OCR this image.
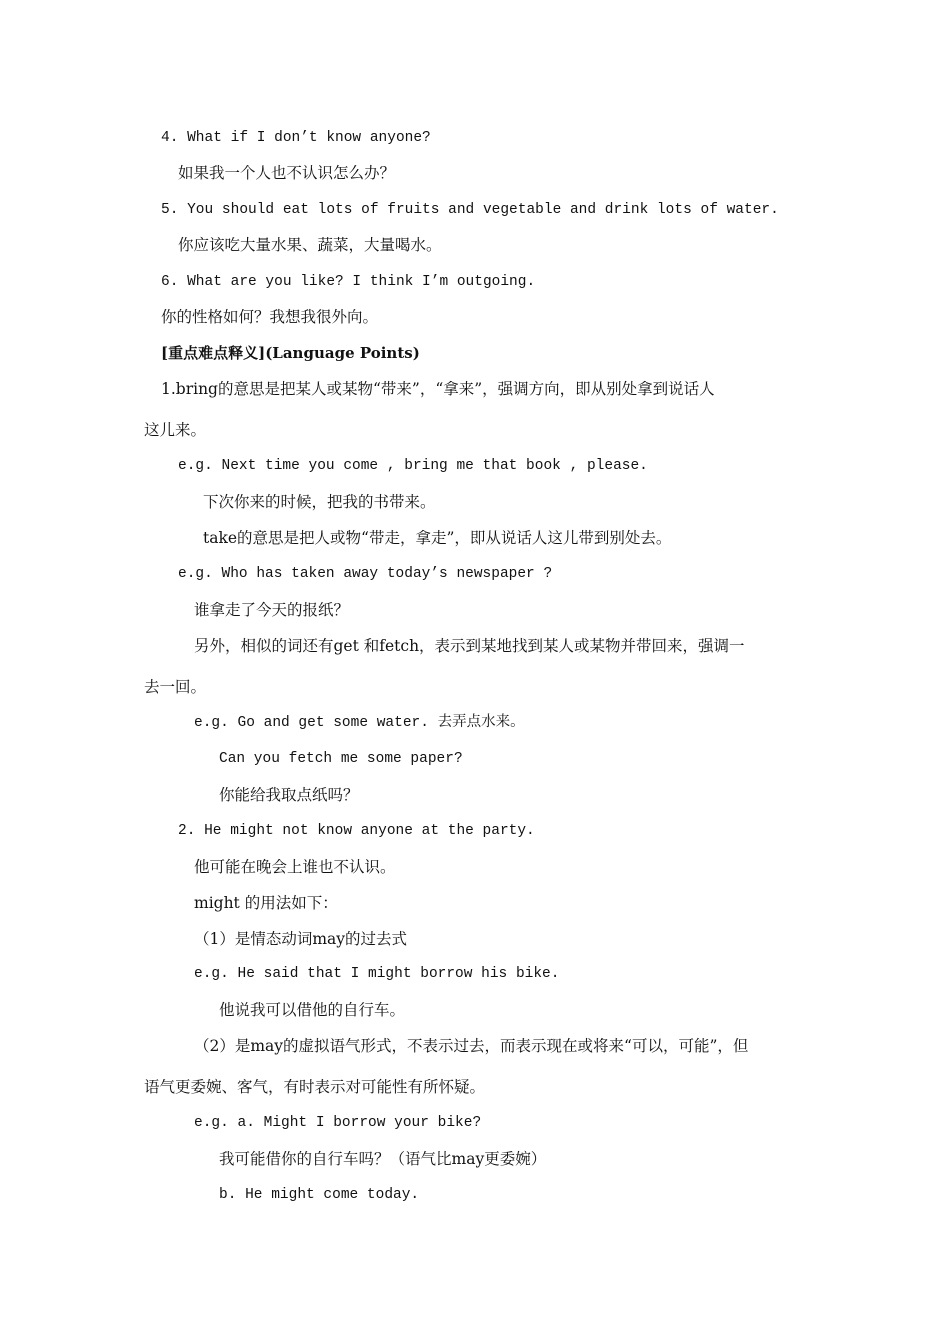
4. What if I don’t know anyone?
如果我一个人也不认识怎么办？
5. You should eat lots of fruits and vegetable and drink lots of water.
你应该吃大量水果、蔬菜，大量喝水。
6. What are you like? I think I’m outgoing.
你的性格如何？我想我很外向。
[重点难点释义](Language Points)
1.bring的意思是把某人或某物“带来”，“拿来”，强调方向，即从别处拿到说话人
这儿来。
e.g. Next time you come , bring me that book , please.
下次你来的时候，把我的书带来。
take的意思是把人或物“带走，拿走”，即从说话人这儿带到别处去。
e.g. Who has taken away today’s newspaper ?
谁拿走了今天的报纸？
另外，相似的词还有get 和fetch，表示到某地找到某人或某物并带回来，强调一
去一回。
e.g. Go and get some water. 去弄点水来。
Can you fetch me some paper?
你能给我取点纸吗？
2. He might not know anyone at the party.
他可能在晚会上谁也不认识。
might 的用法如下：
（1）是情态动词may的过去式
e.g. He said that I might borrow his bike.
他说我可以借他的自行车。
（2）是may的虚拟语气形式，不表示过去，而表示现在或将来“可以，可能”，但
语气更委婉、客气，有时表示对可能性有所怀疑。
e.g. a. Might I borrow your bike?
我可能借你的自行车吗？（语气比may更委婉）
b. He might come today.
